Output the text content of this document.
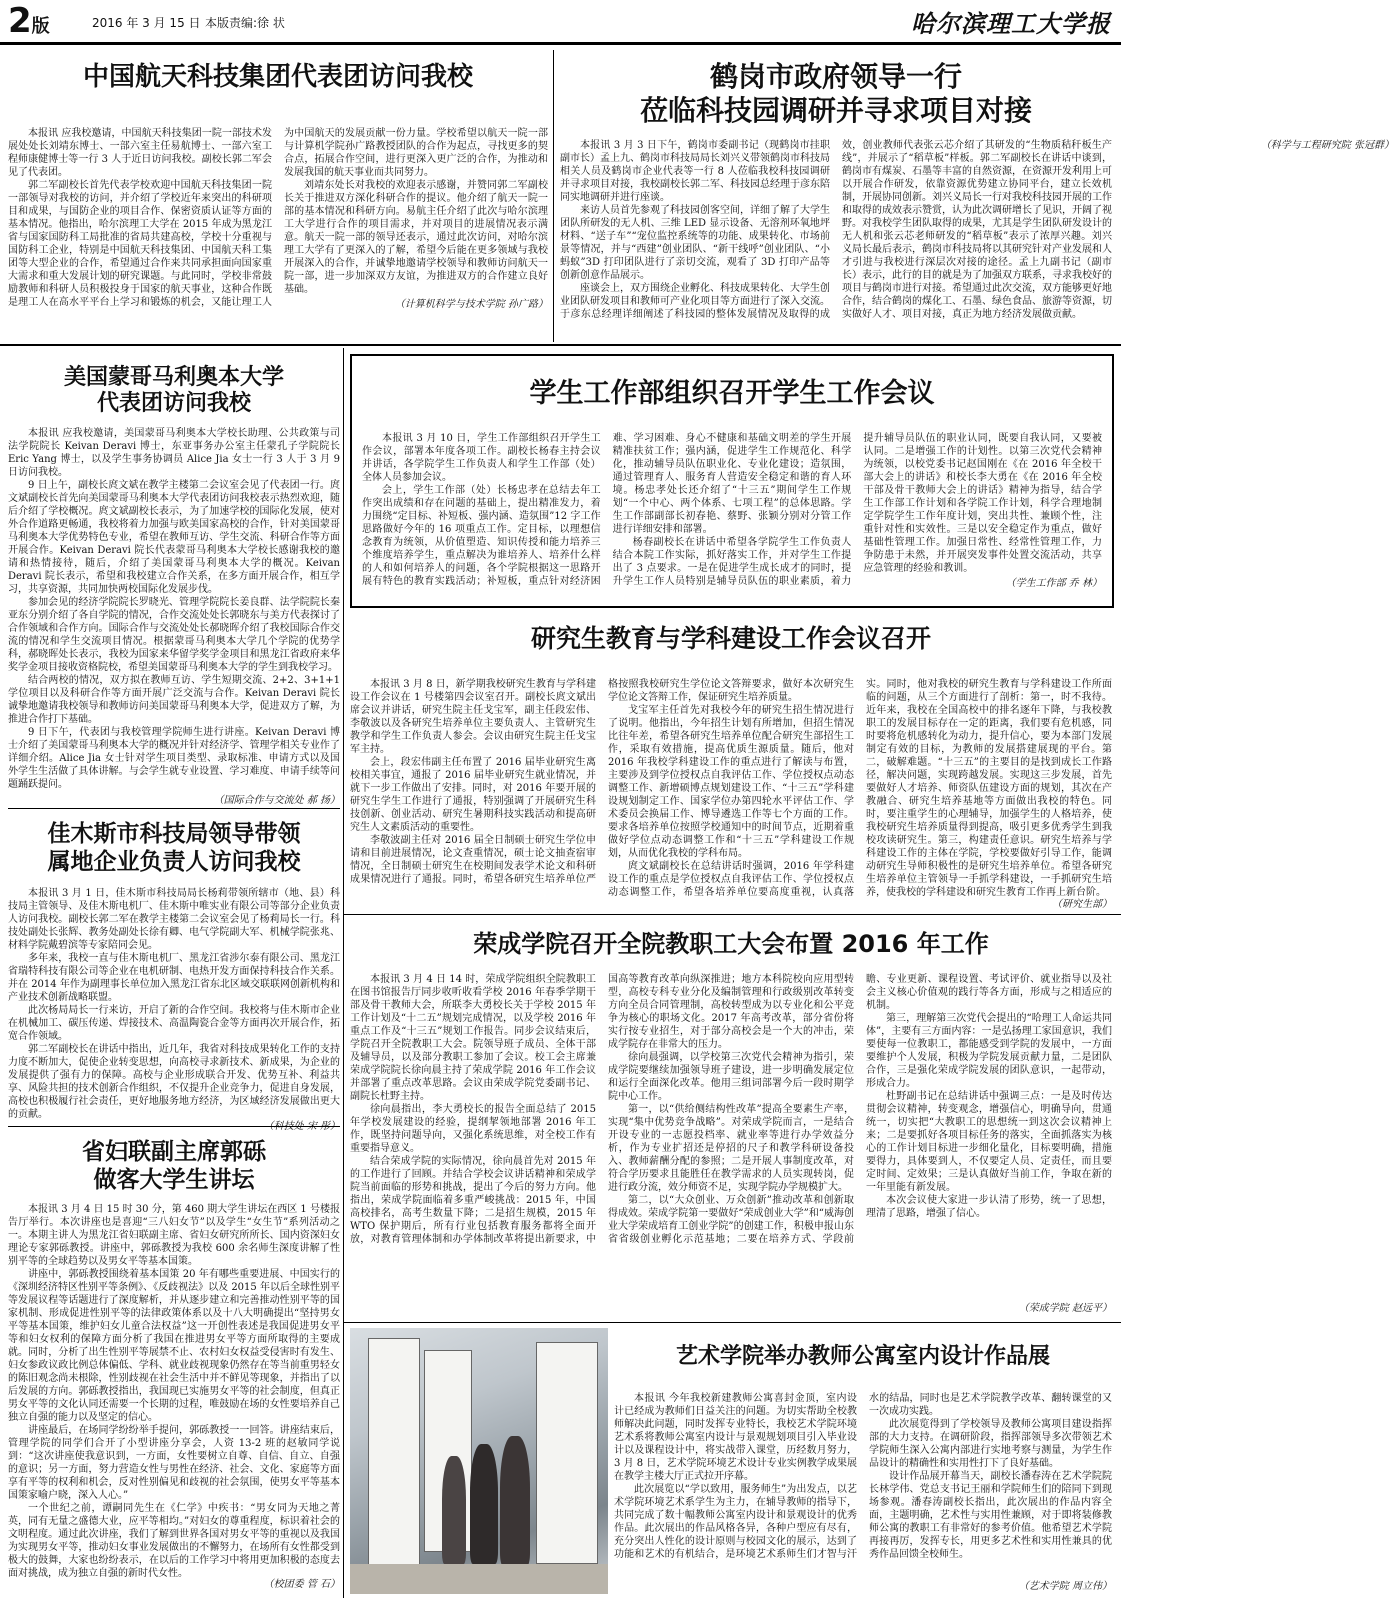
2版	2016 年 3 月 15 日 本版责编:徐 状	哈尔滨理工大学报
中国航天科技集团代表团访问我校

本报讯 应我校邀请，中国航天科技集团一院一部技术发展处处长刘靖东博士、一部六室主任易航博士、一部六室工程师康健博士等一行 3 人于近日访问我校。副校长郭二军会见了代表团。

郭二军副校长首先代表学校欢迎中国航天科技集团一院一部领导对我校的访问，并介绍了学校近年来突出的科研项目和成果，与国防企业的项目合作、保密资质认证等方面的基本情况。他指出，哈尔滨理工大学在 2015 年成为黑龙江省与国家国防科工局批准的省局共建高校，学校十分重视与国防科工企业，特别是中国航天科技集团、中国航天科工集团等大型企业的合作，希望通过合作来共同承担面向国家重大需求和重大发展计划的研究课题。与此同时，学校非常鼓励教师和科研人员积极投身于国家的航天事业，这种合作既是理工人在高水平平台上学习和锻炼的机会，又能让理工人为中国航天的发展贡献一份力量。学校希望以航天一院一部与计算机学院孙广路教授团队的合作为起点，寻找更多的契合点，拓展合作空间，进行更深入更广泛的合作，为推动和发展我国的航天事业而共同努力。

刘靖东处长对我校的欢迎表示感谢，并赞同郭二军副校长关于推进双方深化科研合作的提议。他介绍了航天一院一部的基本情况和科研方向。易航主任介绍了此次与哈尔滨理工大学进行合作的项目需求，并对项目的进展情况表示满意。航天一院一部的领导还表示，通过此次访问，对哈尔滨理工大学有了更深入的了解，希望今后能在更多领域与我校开展深入的合作，并诚挚地邀请学校领导和教师访问航天一院一部，进一步加深双方友谊，为推进双方的合作建立良好基础。

（计算机科学与技术学院 孙广路）
鹤岗市政府领导一行
莅临科技园调研并寻求项目对接

本报讯 3 月 3 日下午，鹤岗市委副书记（现鹤岗市挂职副市长）孟上九、鹤岗市科技局局长刘兴义带领鹤岗市科技局相关人员及鹤岗市企业代表等一行 8 人莅临我校科技园调研并寻求项目对接，我校副校长郭二军、科技园总经理于彦东陪同实地调研并进行座谈。

来访人员首先参观了科技园创客空间，详细了解了大学生团队所研发的无人机、三维 LED 显示设备、无溶剂环氧地坪材料、“送子车”“宠位监控系统等的功能、成果转化、市场前景等情况，并与“西建”创业团队、“新干线呼”创业团队、“小蚂蚁”3D 打印团队进行了亲切交流，观看了 3D 打印产品等创新创意作品展示。

座谈会上，双方围绕企业孵化、科技成果转化、大学生创业团队研发项目和教师可产业化项目等方面进行了深入交流。于彦东总经理详细阐述了科技园的整体发展情况及取得的成效，创业教师代表张云芯介绍了其研发的“生物质秸秆板生产线”，并展示了“稻草板”样板。郭二军副校长在讲话中谈到，鹤岗市有煤炭、石墨等丰富的自然资源，在资源开发利用上可以开展合作研发，依靠资源优势建立协同平台，建立长效机制，开展协同创新。刘兴义局长一行对我校科技园开展的工作和取得的成效表示赞赏，认为此次调研增长了见识，开阔了视野。对我校学生团队取得的成果，尤其是学生团队研发设计的无人机和张云芯老师研发的“稻草板”表示了浓厚兴趣。刘兴义局长最后表示，鹤岗市科技局将以其研究针对产业发展和人才引进与我校进行深层次对接的途径。孟上九副书记（副市长）表示，此行的目的就是为了加强双方联系，寻求我校好的项目与鹤岗市进行对接。希望通过此次交流，双方能够更好地合作，结合鹤岗的煤化工、石墨、绿色食品、旅游等资源，切实做好人才、项目对接，真正为地方经济发展做贡献。

（科学与工程研究院 张冠群）
美国蒙哥马利奥本大学
代表团访问我校

本报讯 应我校邀请，美国蒙哥马利奥本大学校长助理、公共政策与司法学院院长 Keivan Deravi 博士，东亚事务办公室主任蒙孔子学院院长 Eric Yang 博士，以及学生事务协调员 Alice Jia 女士一行 3 人于 3 月 9 日访问我校。

9 日上午，副校长庹文斌在教学主楼第二会议室会见了代表团一行。庹文斌副校长首先向美国蒙哥马利奥本大学代表团访问我校表示热烈欢迎，随后介绍了学校概况。庹文斌副校长表示，为了加速学校的国际化发展，使对外合作道路更畅通，我校将着力加强与欧美国家高校的合作，针对美国蒙哥马利奥本大学优势特色专业，希望在教师互访、学生交流、科研合作等方面开展合作。Keivan Deravi 院长代表蒙哥马利奥本大学校长感谢我校的邀请和热情接待，随后，介绍了美国蒙哥马利奥本大学的概况。Keivan Deravi 院长表示，希望和我校建立合作关系，在多方面开展合作，相互学习，共享资源，共同加快两校国际化发展步伐。

参加会见的经济学院院长罗晓光、管理学院院长姜良群、法学院院长秦亚东分别介绍了各自学院的情况，合作交流处处长郭晓东与美方代表探讨了合作领域和合作方向。国际合作与交流处处长郝晓晖介绍了我校国际合作交流的情况和学生交流项目情况。根据蒙哥马利奥本大学几个学院的优势学科，郝晓晖处长表示，我校为国家来华留学奖学金项目和黑龙江省政府来华奖学金项目接收资格院校，希望美国蒙哥马利奥本大学的学生到我校学习。

结合两校的情况，双方拟在教师互访、学生短期交流、2+2、3+1+1 学位项目以及科研合作等方面开展广泛交流与合作。Keivan Deravi 院长诚挚地邀请我校领导和教师访问美国蒙哥马利奥本大学，促进双方了解，为推进合作打下基础。

9 日下午，代表团与我校管理学院师生进行讲座。Keivan Deravi 博士介绍了美国蒙哥马利奥本大学的概况并针对经济学、管理学相关专业作了详细介绍。Alice Jia 女士针对学生项目类型、录取标准、申请方式以及国外学生生活做了具体讲解。与会学生就专业设置、学习难度、申请手续等问题踊跃提问。

（国际合作与交流处 郝 扬）
学生工作部组织召开学生工作会议

本报讯 3 月 10 日，学生工作部组织召开学生工作会议，部署本年度各项工作。副校长杨春主持会议并讲话，各学院学生工作负责人和学生工作部（处）全体人员参加会议。

会上，学生工作部（处）长杨忠孝在总结去年工作突出成绩和存在问题的基础上，提出精准发力，着力围绕“定目标、补短板、强内涵、造氛围”12 字工作思路做好今年的 16 项重点工作。定目标，以理想信念教育为统领，从价值塑造、知识传授和能力培养三个维度培养学生，重点解决为谁培养人、培养什么样的人和如何培养人的问题，各个学院根据这一思路开展有特色的教育实践活动；补短板，重点针对经济困难、学习困难、身心不健康和基础文明差的学生开展精准扶贫工作；强内涵，促进学生工作规范化、科学化，推动辅导员队伍职业化、专业化建设；造氛围，通过管理育人、服务育人营造安全稳定和谐的育人环境。杨忠孝处长还介绍了“十三五”期间学生工作规划“一个中心、两个体系、七项工程”的总体思路。学生工作部副部长初春艳、蔡野、张颖分别对分管工作进行详细安排和部署。

杨春副校长在讲话中希望各学院学生工作负责人结合本院工作实际，抓好落实工作，并对学生工作提出了 3 点要求。一是在促进学生成长成才的同时，提升学生工作人员特别是辅导员队伍的职业素质，着力提升辅导员队伍的职业认同，既要自我认同，又要被认同。二是增强工作的计划性。以第三次党代会精神为统领，以校党委书记赵国刚在《在 2016 年全校干部大会上的讲话》和校长李大勇在《在 2016 年全校干部及骨干教师大会上的讲话》精神为指导，结合学生工作部工作计划和各学院工作计划，科学合理地制定学院学生工作年度计划，突出共性、兼顾个性，注重针对性和实效性。三是以安全稳定作为重点，做好基础性管理工作。加强日常性、经常性管理工作，力争防患于未然，并开展突发事件处置交流活动，共享应急管理的经验和教训。

（学生工作部 乔 林）
研究生教育与学科建设工作会议召开

本报讯 3 月 8 日，新学期我校研究生教育与学科建设工作会议在 1 号楼第四会议室召开。副校长庹文斌出席会议并讲话，研究生院主任戈宝军，副主任段宏伟、李敬波以及各研究生培养单位主要负责人、主管研究生教学和学生工作负责人参会。会议由研究生院主任戈宝军主持。

会上，段宏伟副主任布置了 2016 届毕业研究生离校相关事宜，通报了 2016 届毕业研究生就业情况，并就下一步工作做出了安排。同时，对 2016 年要开展的研究生学生工作进行了通报，特别强调了开展研究生科技创新、创业活动、研究生暑期科技实践活动和提高研究生人文素质活动的重要性。

李敬波副主任对 2016 届全日制硕士研究生学位申请和目前进展情况，论文查重情况，硕士论文抽查宿审情况，全日制硕士研究生在校期间发表学术论文和科研成果情况进行了通报。同时，希望各研究生培养单位严格按照我校研究生学位论文答辩要求，做好本次研究生学位论文答辩工作，保证研究生培养质量。

戈宝军主任首先对我校今年的研究生招生情况进行了说明。他指出，今年招生计划有所增加，但招生情况比往年差，希望各研究生培养单位配合研究生部招生工作，采取有效措施，提高优质生源质量。随后，他对 2016 年我校学科建设工作的重点进行了解读与布置，主要涉及到学位授权点自我评估工作、学位授权点动态调整工作、新增硕博点规划建设工作、“十三五”学科建设规划制定工作、国家学位办第四轮水平评估工作、学术委员会换届工作、博导遴选工作等七个方面的工作。要求各培养单位按照学校通知中的时间节点，近期着重做好学位点动态调整工作和“十三五”学科建设工作规划，从而优化我校的学科布局。

庹文斌副校长在总结讲话时强调，2016 年学科建设工作的重点是学位授权点自我评估工作、学位授权点动态调整工作，希望各培养单位要高度重视，认真落实。同时，他对我校的研究生教育与学科建设工作所面临的问题，从三个方面进行了剖析：第一，时不我待。近年来，我校在全国高校中的排名逐年下降，与我校教职工的发展目标存在一定的距离，我们要有危机感，同时要将危机感转化为动力，提升信心，要为本部门发展制定有效的目标，为教师的发展搭建展现的平台。第二，破解难题。“十三五”的主要目的是找到成长工作路径，解决问题，实现跨越发展。实现这三步发展，首先要做好人才培养、师资队伍建设方面的规划，其次在产教融合、研究生培养基地等方面做出我校的特色。同时，要注重学生的心理辅导，加强学生的人格培养，使我校研究生培养质量得到提高，吸引更多优秀学生到我校攻读研究生。第三，构建责任意识。研究生培养与学科建设工作的主体在学院，学校要做好引导工作，能调动研究生导师积极性的是研究生培养单位。希望各研究生培养单位主管领导一手抓学科建设，一手抓研究生培养，使我校的学科建设和研究生教育工作再上新台阶。

（研究生部）
佳木斯市科技局领导带领
属地企业负责人访问我校

本报讯 3 月 1 日，佳木斯市科技局局长杨莉带领所辖市（地、县）科技局主管领导、及佳木斯电机厂、佳木斯中唯实业有限公司等部分企业负责人访问我校。副校长郭二军在教学主楼第二会议室会见了杨莉局长一行。科技处副处长张辉、教务处副处长徐有卿、电气学院副大军、机械学院张兆、材料学院戴碧滨等专家陪同会见。

多年来，我校一直与佳木斯电机厂、黑龙江省涉尔泰有限公司、黑龙江省瑞特科技有限公司等企业在电机研制、电热开发方面保持科技合作关系。并在 2014 年作为副理事长单位加入黑龙江省东北区域交联联网创新机构和产业技术创新战略联盟。

此次杨局局长一行来访，开启了新的合作空间。我校将与佳木斯市企业在机械加工、碳压传递、焊接技术、高温陶瓷合金等方面再次开展合作，拓宽合作领域。

郭二军副校长在讲话中指出，近几年，我省对科技成果转化工作的支持力度不断加大，促使企业转变思想，向高校寻求新技术、新成果，为企业的发展提供了强有力的保障。高校与企业形成联合开发、优势互补、利益共享、风险共担的技术创新合作组织，不仅提升企业竞争力，促进自身发展，高校也积极履行社会责任，更好地服务地方经济，为区域经济发展做出更大的贡献。

荣成学院召开全院教职工大会布置 2016 年工作

本报讯 3 月 4 日 14 时，荣成学院组织全院教职工在图书馆报告厅同步收听收看学校 2016 年春季学期干部及骨干教师大会，所联李大勇校长关于学校 2015 年工作计划及“十二五”规划完成情况，以及学校 2016 年重点工作及“十三五”规划工作报告。同步会议结束后，学院召开全院教职工大会。院领导班子成员、全体干部及辅导员，以及部分教职工参加了会议。校工会主席兼荣成学院院长徐向晨主持了荣成学院 2016 年工作会议并部署了重点改革思路。会议由荣成学院党委副书记、副院长杜野主持。

徐向晨指出，李大勇校长的报告全面总结了 2015 年学校发展建设的经验，提纲挈领地部署 2016 年工作，既坚持问题导向，又强化系统思维，对全校工作有重要指导意义。

结合荣成学院的实际情况，徐向晨首先对 2015 年的工作进行了回顾。并结合学校会议讲话精神和荣成学院当前面临的形势和挑战，提出了今后的努力方向。他指出，荣成学院面临着多重严峻挑战：2015 年，中国高校排名，高考生数量下降；二是招生规模，2015 年 WTO 保护期后，所有行业包括教育服务都将全面开放，对教育管理体制和办学体制改革将提出新要求，中国高等教育改革向纵深推进；地方本科院校向应用型转型，高校专科专业分化及编制管理和行政级别改革转变方向全员合同管理制，高校转型成为以专业化和公平竞争为核心的职场文化。2017 年高考改革，部分省份将实行按专业招生，对于部分高校会是一个大的冲击，荣成学院存在非常大的压力。

徐向晨强调，以学校第三次党代会精神为指引，荣成学院要继续加强领导班子建设，进一步明确发展定位和运行全面深化改革。他用三组词部署今后一段时期学院中心工作。

第一，以“供给侧结构性改革”提高全要素生产率，实现“集中优势竞争战略”。对荣成学院而言，一是结合开设专业的一志愿投档率、就业率等进行办学效益分析，作为专业扩招还是停招的尺子和教学科研设备投入、教师薪酬分配的参照；二是开展人事制度改革，对符合学历要求且能胜任在教学需求的人员实现转岗，促进行政分流，效分师资不足，实现学院办学规模扩大。

第二，以“大众创业、万众创新”推动改革和创新取得成效。荣成学院第一要做好“荣成创业大学”和“威海创业大学荣成培育工创业学院”的创建工作，积极申报山东省省级创业孵化示范基地；二要在培养方式、学段前瞻、专业更新、课程设置、考试评价、就业指导以及社会主义核心价值观的践行等各方面，形成与之相适应的机制。

第三，理解第三次党代会提出的“哈理工人命运共同体”，主要有三方面内容：一是弘扬理工家国意识，我们要使每一位教职工，都能感受到学院的发展中，一方面要维护个人发展，积极为学院发展贡献力量，二是团队合作，三是强化荣成学院发展的团队意识，一起带动，形成合力。

杜野副书记在总结讲话中强调三点：一是及时传达贯彻会议精神，转变观念，增强信心，明确导向，贯通统一，切实把“大教职工的思想统一到这次会议精神上来；二是要抓好各项目标任务的落实，全面抓落实为核心的工作计划目标进一步细化量化，目标要明确，措施要得力，具体要到人，不仅要定人员、定责任，而且要定时间、定效果；三是认真做好当前工作，争取在新的一年里能有新发展。

本次会议使大家进一步认清了形势，统一了思想，理清了思路，增强了信心。

（荣成学院 赵远平）
省妇联副主席郭砾
做客大学生讲坛

本报讯 3 月 4 日 15 时 30 分，第 460 期大学生讲坛在西区 1 号楼报告厅举行。本次讲座也是喜迎“三八妇女节”以及学生“女生节”系列活动之一。本期主讲人为黑龙江省妇联副主席、省妇女研究所所长、国内资深妇女理论专家郭砾教授。讲座中，郭砾教授为我校 600 余名师生深度讲解了性别平等的全球趋势以及男女平等基本国策。

讲座中，郭砾教授围绕着基本国策 20 年有哪些重要进展、中国实行的《深圳经济特区性别平等条例》、《反歧视法》以及 2015 年以后全球性别平等发展议程等话题进行了深度解析，并从逐步建立和完善推动性别平等的国家机制、形成促进性别平等的法律政策体系以及十八大明确提出“坚持男女平等基本国策，维护妇女儿童合法权益”这一开创性表述是我国促进男女平等和妇女权利的保障方面分析了我国在推进男女平等方面所取得的主要成就。同时，分析了出生性别平等展禁不止、农村妇女权益受侵害时有发生、妇女参政议政比例总体偏低、学科、就业歧视现象仍然存在等当前重男轻女的陈旧观念尚未根除，性别歧视在社会生活中并不鲜见等现象，并指出了以后发展的方向。郭砾教授指出，我国现已实施男女平等的社会制度，但真正男女平等的文化认同还需要一个长期的过程，唯鼓励在场的女性要培养自己独立自强的能力以及坚定的信心。

讲座最后，在场同学纷纷举手提问，郭砾教授一一回答。讲座结束后，管理学院的同学们合开了小型讲座分享会，人资 13-2 班的赵敏同学说到：“这次讲座使我意识到，一方面，女性要树立自尊、自信、自立、自强的意识；另一方面，努力营造女性与男性在经济、社会、文化、家庭等方面享有平等的权利和机会，反对性别偏见和歧视的社会氛围，使男女平等基本国策家喻户晓，深入人心。”

一个世纪之前，谭嗣同先生在《仁学》中疾书：“男女同为天地之菁英，同有无量之盛德大业，应平等相均。”对妇女的尊重程度，标识着社会的文明程度。通过此次讲座，我们了解到世界各国对男女平等的重视以及我国为实现男女平等，推动妇女事业发展做出的不懈努力，在场所有女性都受到极大的鼓舞，大家也纷纷表示，在以后的工作学习中将用更加积极的态度去面对挑战，成为独立自强的新时代女性。

（校团委 管 石）
艺术学院举办教师公寓室内设计作品展

本报讯 今年我校新建教师公寓喜封金顶，室内设计已经成为教师们日益关注的问题。为切实帮助全校教师解决此问题，同时发挥专业特长，我校艺术学院环境艺术系将教师公寓室内设计与景观规划项目引入毕业设计以及课程设计中，将实战带入课堂，历经数月努力，3 月 8 日，艺术学院环境艺术设计专业实例教学成果展在教学主楼大厅正式拉开序幕。

此次展览以“学以致用，服务师生”为出发点，以艺术学院环境艺术系学生为主力，在辅导教师的指导下，共同完成了数十幅教师公寓室内设计和景观设计的优秀作品。此次展出的作品风格各异，各种户型应有尽有，充分突出人性化的设计原则与校园文化的展示，达到了功能和艺术的有机结合，是环境艺术系师生们才智与汗水的结晶，同时也是艺术学院教学改革、翻转课堂的又一次成功实践。

此次展览得到了学校领导及教师公寓项目建设指挥部的大力支持。在调研阶段，指挥部领导多次带领艺术学院师生深入公寓内部进行实地考察与测量，为学生作品设计的精确性和实用性打下了良好基础。

设计作品展开幕当天，副校长潘春涛在艺术学院院长林学伟、党总支书记王丽和学院师生们的陪同下到现场参观。潘春涛副校长指出，此次展出的作品内容全面，主题明确，艺术性与实用性兼顾，对于即将装修教师公寓的教职工有非常好的参考价值。他希望艺术学院再接再厉，发挥专长，用更多艺术性和实用性兼具的优秀作品回馈全校师生。

（艺术学院 周立伟）
